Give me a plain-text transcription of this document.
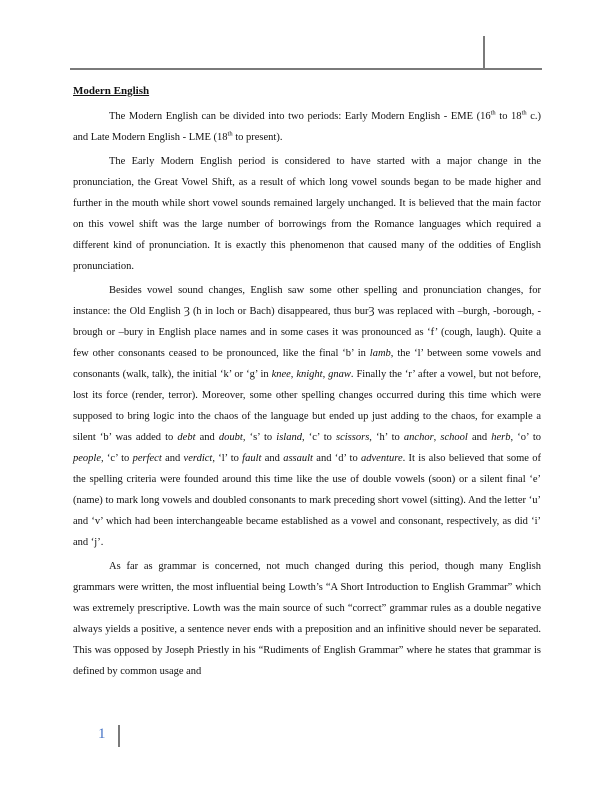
Modern English

The Modern English can be divided into two periods: Early Modern English - EME (16th to 18th c.) and Late Modern English - LME (18th to present).

The Early Modern English period is considered to have started with a major change in the pronunciation, the Great Vowel Shift, as a result of which long vowel sounds began to be made higher and further in the mouth while short vowel sounds remained largely unchanged. It is believed that the main factor on this vowel shift was the large number of borrowings from the Romance languages which required a different kind of pronunciation. It is exactly this phenomenon that caused many of the oddities of English pronunciation.

Besides vowel sound changes, English saw some other spelling and pronunciation changes, for instance: the Old English Ȝ (h in loch or Bach) disappeared, thus burȜ was replaced with –burgh, -borough, -brough or –bury in English place names and in some cases it was pronounced as ‘f’ (cough, laugh). Quite a few other consonants ceased to be pronounced, like the final ‘b’ in lamb, the ‘l’ between some vowels and consonants (walk, talk), the initial ‘k’ or ‘g’ in knee, knight, gnaw. Finally the ‘r’ after a vowel, but not before, lost its force (render, terror). Moreover, some other spelling changes occurred during this time which were supposed to bring logic into the chaos of the language but ended up just adding to the chaos, for example a silent ‘b’ was added to debt and doubt, ‘s’ to island, ‘c’ to scissors, ‘h’ to anchor, school and herb, ‘o’ to people, ‘c’ to perfect and verdict, ‘l’ to fault and assault and ‘d’ to adventure. It is also believed that some of the spelling criteria were founded around this time like the use of double vowels (soon) or a silent final ‘e’ (name) to mark long vowels and doubled consonants to mark preceding short vowel (sitting). And the letter ‘u’ and ‘v’ which had been interchangeable became established as a vowel and consonant, respectively, as did ‘i’ and ‘j’.

As far as grammar is concerned, not much changed during this period, though many English grammars were written, the most influential being Lowth’s “A Short Introduction to English Grammar” which was extremely prescriptive. Lowth was the main source of such “correct” grammar rules as a double negative always yields a positive, a sentence never ends with a preposition and an infinitive should never be separated. This was opposed by Joseph Priestly in his “Rudiments of English Grammar” where he states that grammar is defined by common usage and

1
